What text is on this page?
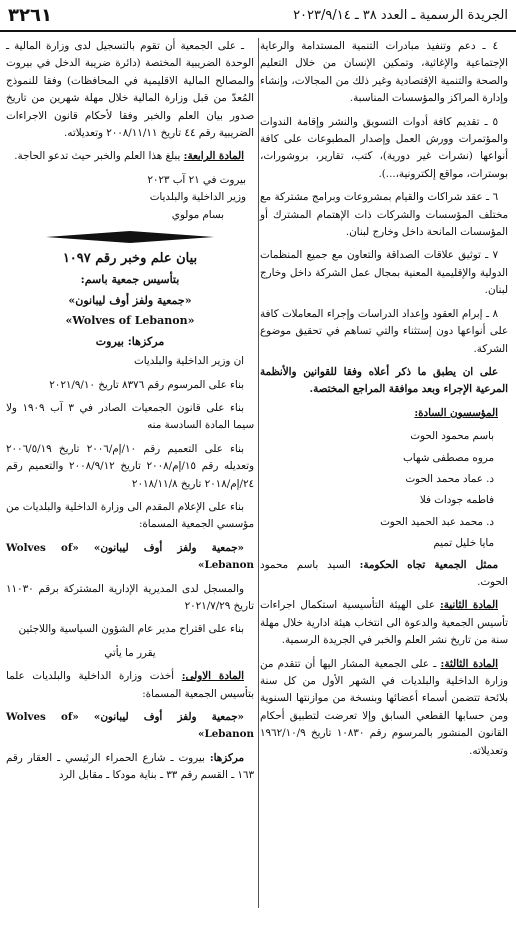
الجريدة الرسمية ـ العدد ٣٨ ـ ٢٠٢٣/٩/١٤
٣٢٦١

٤ ـ دعم وتنفيذ مبادرات التنمية المستدامة والرعاية الإجتماعية والإغاثية، وتمكين الإنسان من خلال التعليم والصحة والتنمية الإقتصادية وغير ذلك من المجالات، وإنشاء وإدارة المراكز والمؤسسات المناسبة.

٥ ـ تقديم كافة أدوات التسويق والنشر وإقامة الندوات والمؤتمرات وورش العمل وإصدار المطبوعات على كافة أنواعها (نشرات غير دورية)، كتب، تقارير، بروشورات، بوسترات، مواقع إلكترونية،...).

٦ ـ عقد شراكات والقيام بمشروعات وبرامج مشتركة مع مختلف المؤسسات والشركات ذات الإهتمام المشترك أو المؤسسات المانحة داخل وخارج لبنان.

٧ ـ توثيق علاقات الصداقة والتعاون مع جميع المنظمات الدولية والإقليمية المعنية بمجال عمل الشركة داخل وخارج لبنان.

٨ ـ إبرام العقود وإعداد الدراسات وإجراء المعاملات كافة على أنواعها دون إستثناء والتي تساهم في تحقيق موضوع الشركة.

على ان يطبق ما ذكر أعلاه وفقا للقوانين والأنظمة المرعية الإجراء وبعد موافقة المراجع المختصة.

المؤسسون السادة:

باسم محمود الحوت

مروه مصطفى شهاب

د. عماد محمد الحوت

فاطمه جودات فلا

د. محمد عبد الحميد الحوت

مايا خليل تميم

ممثل الجمعية تجاه الحكومة: السيد باسم محمود الحوت.

المادة الثانية: على الهيئة التأسيسية استكمال اجراءات تأسيس الجمعية والدعوة الى انتخاب هيئة ادارية خلال مهلة سنة من تاريخ نشر العلم والخبر في الجريدة الرسمية.

المادة الثالثة: ـ على الجمعية المشار اليها أن تتقدم من وزارة الداخلية والبلديات في الشهر الأول من كل سنة بلائحة تتضمن أسماء أعضائها وبنسخة من موازنتها السنوية ومن حسابها القطعي السابق وإلا تعرضت لتطبيق أحكام القانون المنشور بالمرسوم رقم ١٠٨٣٠ تاريخ ١٩٦٢/١٠/٩ وتعديلاته.

ـ على الجمعية أن تقوم بالتسجيل لدى وزارة المالية ـ الوحدة الضريبية المختصة (دائرة ضريبة الدخل في بيروت والمصالح المالية الاقليمية في المحافظات) وفقا للنموذج المُعدّ من قبل وزارة المالية خلال مهلة شهرين من تاريخ صدور بيان العلم والخبر وفقا لأحكام قانون الاجراءات الضريبية رقم ٤٤ تاريخ ٢٠٠٨/١١/١١ وتعديلاته.

المادة الرابعة: يبلغ هذا العلم والخبر حيث تدعو الحاجة.

بيروت في ٢١ آب ٢٠٢٣

وزير الداخلية والبلديات

بسام مولوي

بيان علم وخبر رقم ١٠٩٧

بتأسيس جمعية باسم:

«جمعية ولفز أوف ليبانون»

«Wolves of Lebanon»

مركزها: بيروت

ان وزير الداخلية والبلديات

بناء على المرسوم رقم ٨٣٧٦ تاريخ ٢٠٢١/٩/١٠

بناء على قانون الجمعيات الصادر في ٣ آب ١٩٠٩ ولا سيما المادة السادسة منه

بناء على التعميم رقم ١٠/إم/٢٠٠٦ تاريخ ٢٠٠٦/٥/١٩ وتعديله رقم ١٥/إم/٢٠٠٨ تاريخ ٢٠٠٨/٩/١٢ والتعميم رقم ٢٤/إم/٢٠١٨ تاريخ ٢٠١٨/١١/٨

بناء على الإعلام المقدم الى وزارة الداخلية والبلديات من مؤسسي الجمعية المسماة:

«جمعية ولفز أوف ليبانون» «Wolves of Lebanon»

والمسجل لدى المديرية الإدارية المشتركة برقم ١١٠٣٠ تاريخ ٢٠٢١/٧/٢٩

بناء على اقتراح مدير عام الشؤون السياسية واللاجئين

يقرر ما يأتي

المادة الاولى: أخذت وزارة الداخلية والبلديات علما بتأسيس الجمعية المسماة:

«جمعية ولفز أوف ليبانون» «Wolves of Lebanon»

مركزها: بيروت ـ شارع الحمراء الرئيسي ـ العقار رقم ١٦٣ ـ القسم رقم ٣٣ ـ بناية مودكا ـ مقابل الرد
